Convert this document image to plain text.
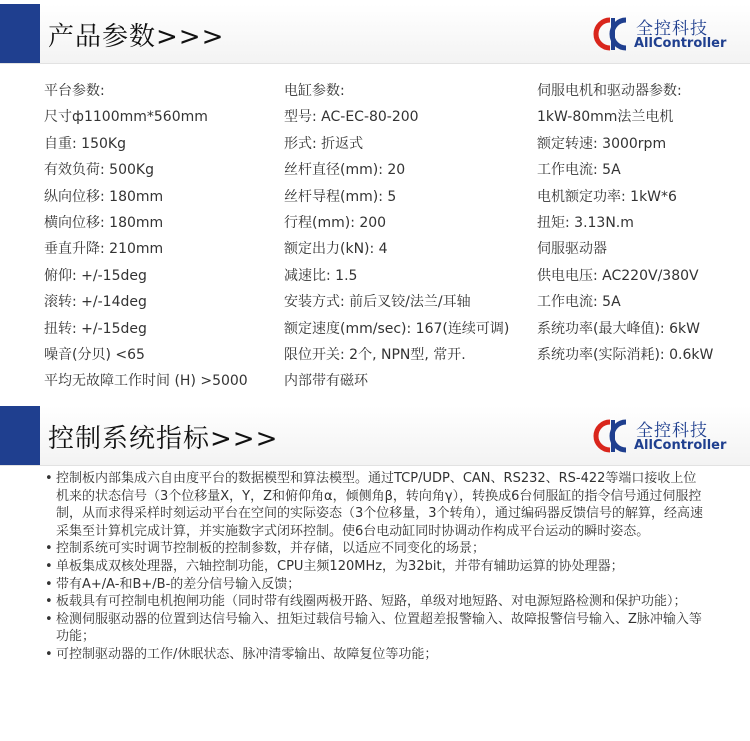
产品参数>>>	全控科技
AllController
平台参数:
尺寸ф1100mm*560mm
自重: 150Kg
有效负荷: 500Kg
纵向位移: 180mm
横向位移: 180mm
垂直升降: 210mm
俯仰: +/-15deg
滚转: +/-14deg
扭转: +/-15deg
噪音(分贝) <65
平均无故障工作时间 (H) >5000
电缸参数:
型号: AC-EC-80-200
形式: 折返式
丝杆直径(mm): 20
丝杆导程(mm): 5
行程(mm): 200
额定出力(kN): 4
减速比: 1.5
安装方式: 前后叉铰/法兰/耳轴
额定速度(mm/sec): 167(连续可调)
限位开关: 2个, NPN型, 常开.
内部带有磁环
伺服电机和驱动器参数:
1kW-80mm法兰电机
额定转速: 3000rpm
工作电流: 5A
电机额定功率: 1kW*6
扭矩: 3.13N.m
伺服驱动器
供电电压: AC220V/380V
工作电流: 5A
系统功率(最大峰值): 6kW
系统功率(实际消耗): 0.6kW
控制系统指标>>>	全控科技
AllController
• 控制板内部集成六自由度平台的数据模型和算法模型。通过TCP/UDP、CAN、RS232、RS-422等端口接收上位机来的状态信号（3个位移量X，Y，Z和俯仰角α，倾侧角β，转向角γ），转换成6台伺服缸的指令信号通过伺服控制，从而求得采样时刻运动平台在空间的实际姿态（3个位移量，3个转角），通过编码器反馈信号的解算，经高速采集至计算机完成计算，并实施数字式闭环控制。使6台电动缸同时协调动作构成平台运动的瞬时姿态。
• 控制系统可实时调节控制板的控制参数，并存储，以适应不同变化的场景；
• 单板集成双核处理器，六轴控制功能，CPU主频120MHz，为32bit，并带有辅助运算的协处理器；
• 带有A+/A-和B+/B-的差分信号输入反馈；
• 板载具有可控制电机抱闸功能（同时带有线圈两极开路、短路，单级对地短路、对电源短路检测和保护功能）；
• 检测伺服驱动器的位置到达信号输入、扭矩过载信号输入、位置超差报警输入、故障报警信号输入、Z脉冲输入等功能；
• 可控制驱动器的工作/休眠状态、脉冲清零输出、故障复位等功能；
